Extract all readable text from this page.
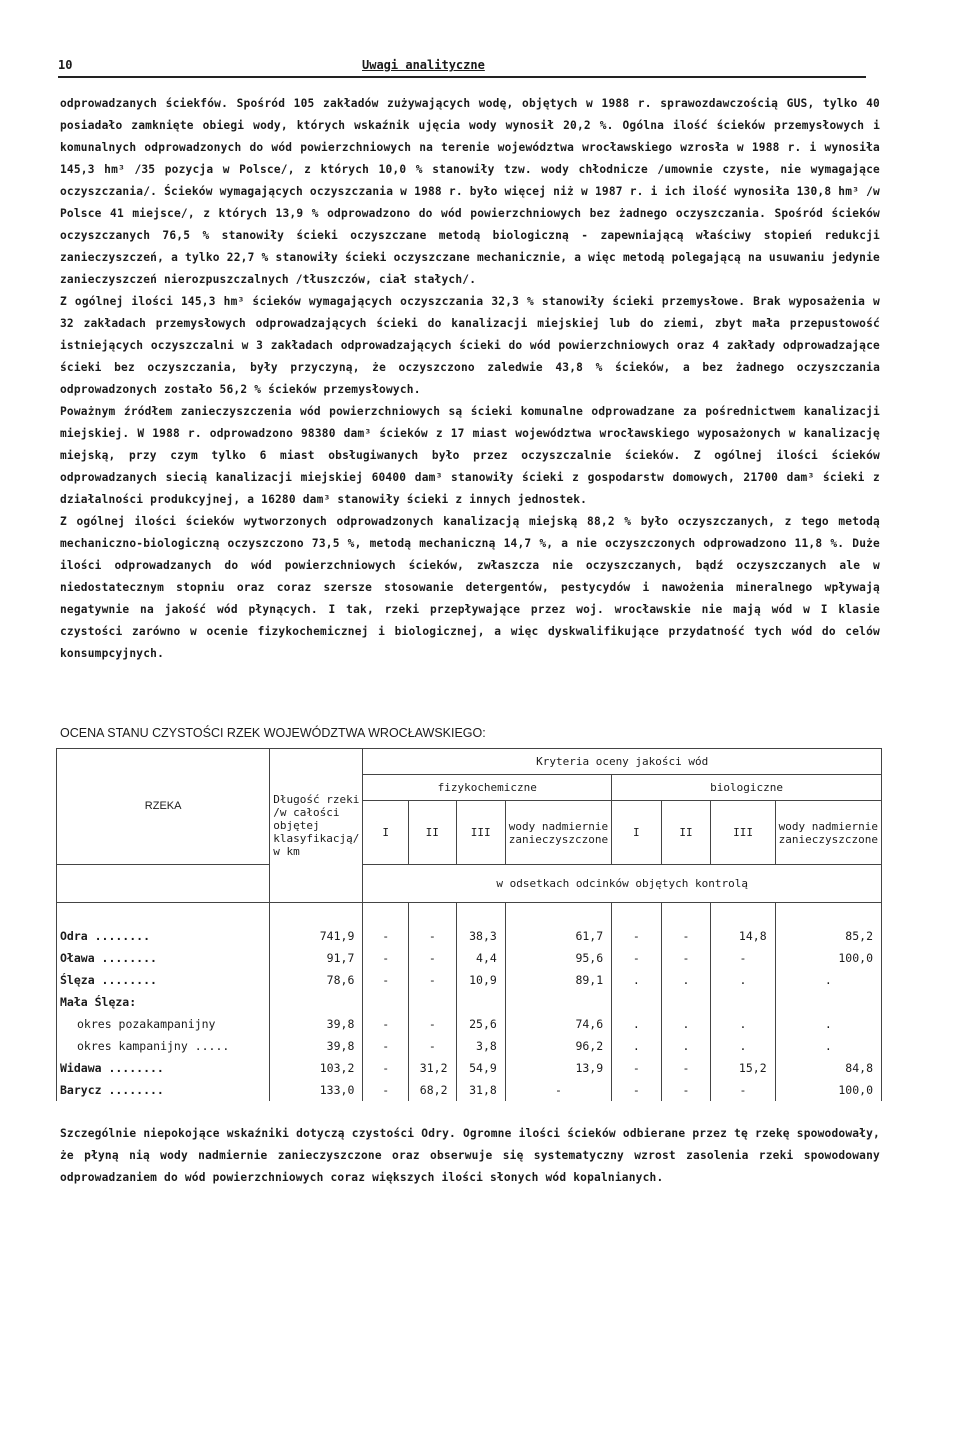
10	Uwagi analityczne

odprowadzanych ściekfów. Spośród 105 zakładów zużywających wodę, objętych w 1988 r. sprawozdawczością GUS, tylko 40 posiadało zamknięte obiegi wody, których wskaźnik ujęcia wody wynosił 20,2 %. Ogólna ilość ścieków przemysłowych i komunalnych odprowadzonych do wód powierzchniowych na terenie województwa wrocławskiego wzrosła w 1988 r. i wynosiła 145,3 hm³ /35 pozycja w Polsce/, z których 10,0 % stanowiły tzw. wody chłodnicze /umownie czyste, nie wymagające oczyszczania/. Ścieków wymagających oczyszczania w 1988 r. było więcej niż w 1987 r. i ich ilość wynosiła 130,8 hm³ /w Polsce 41 miejsce/, z których 13,9 % odprowadzono do wód powierzchniowych bez żadnego oczyszczania. Spośród ścieków oczyszczanych 76,5 % stanowiły ścieki oczyszczane metodą biologiczną - zapewniającą właściwy stopień redukcji zanieczyszczeń, a tylko 22,7 % stanowiły ścieki oczyszczane mechanicznie, a więc metodą polegającą na usuwaniu jedynie zanieczyszczeń nierozpuszczalnych /tłuszczów, ciał stałych/.

Z ogólnej ilości 145,3 hm³ ścieków wymagających oczyszczania 32,3 % stanowiły ścieki przemysłowe. Brak wyposażenia w 32 zakładach przemysłowych odprowadzających ścieki do kanalizacji miejskiej lub do ziemi, zbyt mała przepustowość istniejących oczyszczalni w 3 zakładach odprowadzających ścieki do wód powierzchniowych oraz 4 zakłady odprowadzające ścieki bez oczyszczania, były przyczyną, że oczyszczono zaledwie 43,8 % ścieków, a bez żadnego oczyszczania odprowadzonych zostało 56,2 % ścieków przemysłowych.

Poważnym źródłem zanieczyszczenia wód powierzchniowych są ścieki komunalne odprowadzane za pośrednictwem kanalizacji miejskiej. W 1988 r. odprowadzono 98380 dam³ ścieków z 17 miast województwa wrocławskiego wyposażonych w kanalizację miejską, przy czym tylko 6 miast obsługiwanych było przez oczyszczalnie ścieków. Z ogólnej ilości ścieków odprowadzanych siecią kanalizacji miejskiej 60400 dam³ stanowiły ścieki z gospodarstw domowych, 21700 dam³ ścieki z działalności produkcyjnej, a 16280 dam³ stanowiły ścieki z innych jednostek.

Z ogólnej ilości ścieków wytworzonych odprowadzonych kanalizacją miejską 88,2 % było oczyszczanych, z tego metodą mechaniczno-biologiczną oczyszczono 73,5 %, metodą mechaniczną 14,7 %, a nie oczyszczonych odprowadzono 11,8 %. Duże ilości odprowadzanych do wód powierzchniowych ścieków, zwłaszcza nie oczyszczanych, bądź oczyszczanych ale w niedostatecznym stopniu oraz coraz szersze stosowanie detergentów, pestycydów i nawożenia mineralnego wpływają negatywnie na jakość wód płynących. I tak, rzeki przepływające przez woj. wrocławskie nie mają wód w I klasie czystości zarówno w ocenie fizykochemicznej i biologicznej, a więc dyskwalifikujące przydatność tych wód do celów konsumpcyjnych.

OCENA STANU CZYSTOŚCI RZEK WOJEWÓDZTWA WROCŁAWSKIEGO:
RZEKA	Długość rzeki /w całości objętej klasyfikacją/ w km	Kryteria oceny jakości wód							
		fizykochemiczne				biologiczne			
		I	II	III	wody nadmiernie zanieczyszczone	I	II	III	wody nadmiernie zanieczyszczone
		w odsetkach odcinków objętych kontrolą							

Odra ........	741,9	-	-	38,3	61,7	-	-	14,8	85,2
Oława ........	91,7	-	-	4,4	95,6	-	-	-	100,0
Ślęza ........	78,6	-	-	10,9	89,1	.	.	.	.
Mała Ślęza:									
okres pozakampanijny	39,8	-	-	25,6	74,6	.	.	.	.
okres kampanijny .....	39,8	-	-	3,8	96,2	.	.	.	.
Widawa ........	103,2	-	31,2	54,9	13,9	-	-	15,2	84,8
Barycz ........	133,0	-	68,2	31,8	-	-	-	-	100,0

Szczególnie niepokojące wskaźniki dotyczą czystości Odry. Ogromne ilości ścieków odbierane przez tę rzekę spowodowały, że płyną nią wody nadmiernie zanieczyszczone oraz obserwuje się systematyczny wzrost zasolenia rzeki spowodowany odprowadzaniem do wód powierzchniowych coraz większych ilości słonych wód kopalnianych.
